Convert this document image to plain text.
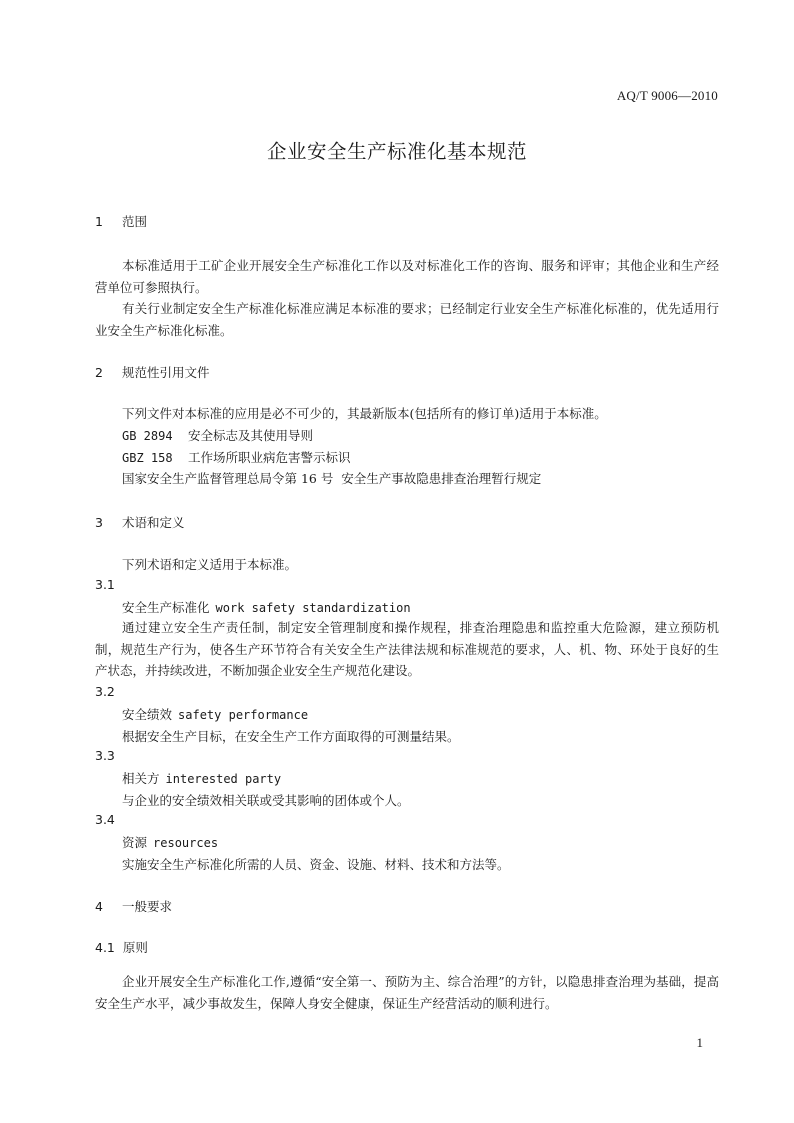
AQ/T 9006—2010
企业安全生产标准化基本规范
1 范围
本标准适用于工矿企业开展安全生产标准化工作以及对标准化工作的咨询、服务和评审；其他企业和生产经营单位可参照执行。
有关行业制定安全生产标准化标准应满足本标准的要求；已经制定行业安全生产标准化标准的，优先适用行业安全生产标准化标准。
2 规范性引用文件
下列文件对本标准的应用是必不可少的，其最新版本(包括所有的修订单)适用于本标准。
GB 2894 安全标志及其使用导则
GBZ 158 工作场所职业病危害警示标识
国家安全生产监督管理总局令第 16 号  安全生产事故隐患排查治理暂行规定
3 术语和定义
下列术语和定义适用于本标准。
3.1
安全生产标准化 work safety standardization
通过建立安全生产责任制，制定安全管理制度和操作规程，排查治理隐患和监控重大危险源，建立预防机制，规范生产行为，使各生产环节符合有关安全生产法律法规和标准规范的要求，人、机、物、环处于良好的生产状态，并持续改进，不断加强企业安全生产规范化建设。
3.2
安全绩效 safety performance
根据安全生产目标，在安全生产工作方面取得的可测量结果。
3.3
相关方 interested party
与企业的安全绩效相关联或受其影响的团体或个人。
3.4
资源 resources
实施安全生产标准化所需的人员、资金、设施、材料、技术和方法等。
4 一般要求
4.1 原则
企业开展安全生产标准化工作,遵循“安全第一、预防为主、综合治理”的方针，以隐患排查治理为基础，提高安全生产水平，减少事故发生，保障人身安全健康，保证生产经营活动的顺利进行。
1
